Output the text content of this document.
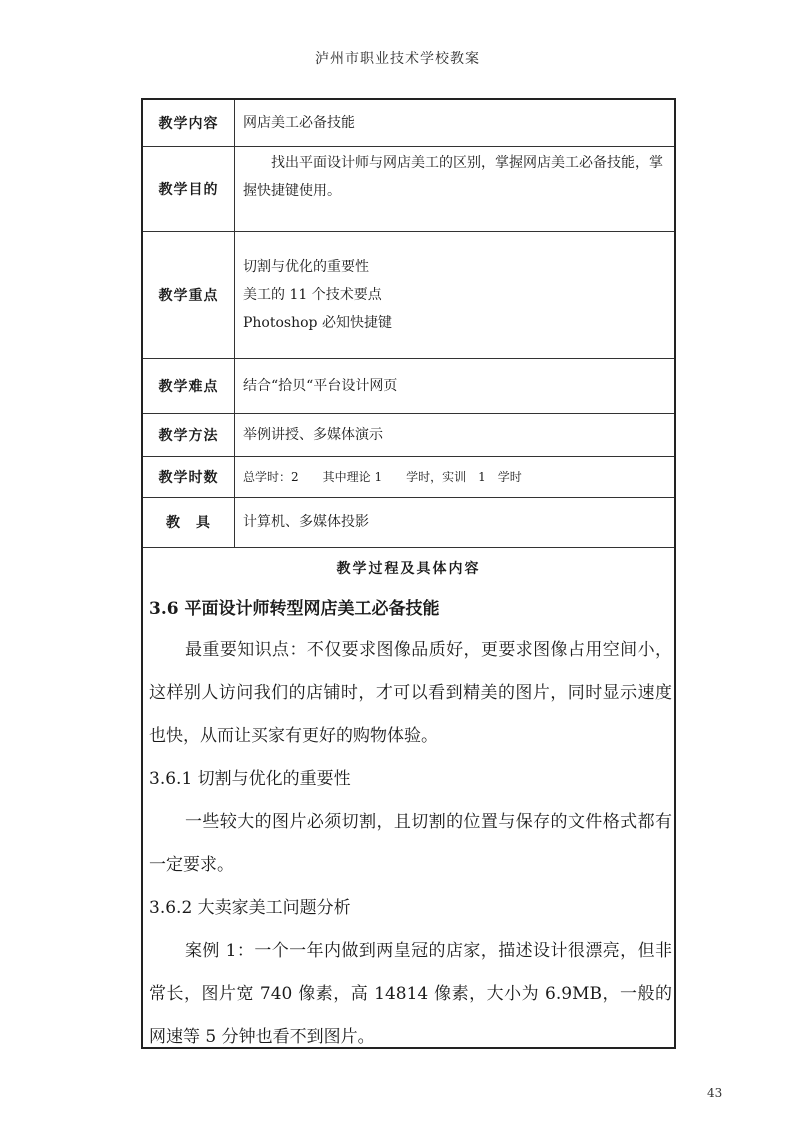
泸州市职业技术学校教案
教学内容	网店美工必备技能
教学目的	找出平面设计师与网店美工的区别，掌握网店美工必备技能，掌握快捷键使用。

教学重点	切割与优化的重要性
美工的 11 个技术要点
Photoshop 必知快捷键

教学难点	结合“拾贝“平台设计网页
教学方法	举例讲授、多媒体演示
教学时数	总学时：2　　其中理论 1　　学时，实训　1　学时
教　具	计算机、多媒体投影
教学过程及具体内容
3.6 平面设计师转型网店美工必备技能

最重要知识点：不仅要求图像品质好，更要求图像占用空间小，这样别人访问我们的店铺时，才可以看到精美的图片，同时显示速度也快，从而让买家有更好的购物体验。

3.6.1 切割与优化的重要性

一些较大的图片必须切割，且切割的位置与保存的文件格式都有一定要求。

3.6.2 大卖家美工问题分析

案例 1：一个一年内做到两皇冠的店家，描述设计很漂亮，但非常长，图片宽 740 像素，高 14814 像素，大小为 6.9MB，一般的网速等 5 分钟也看不到图片。

43
